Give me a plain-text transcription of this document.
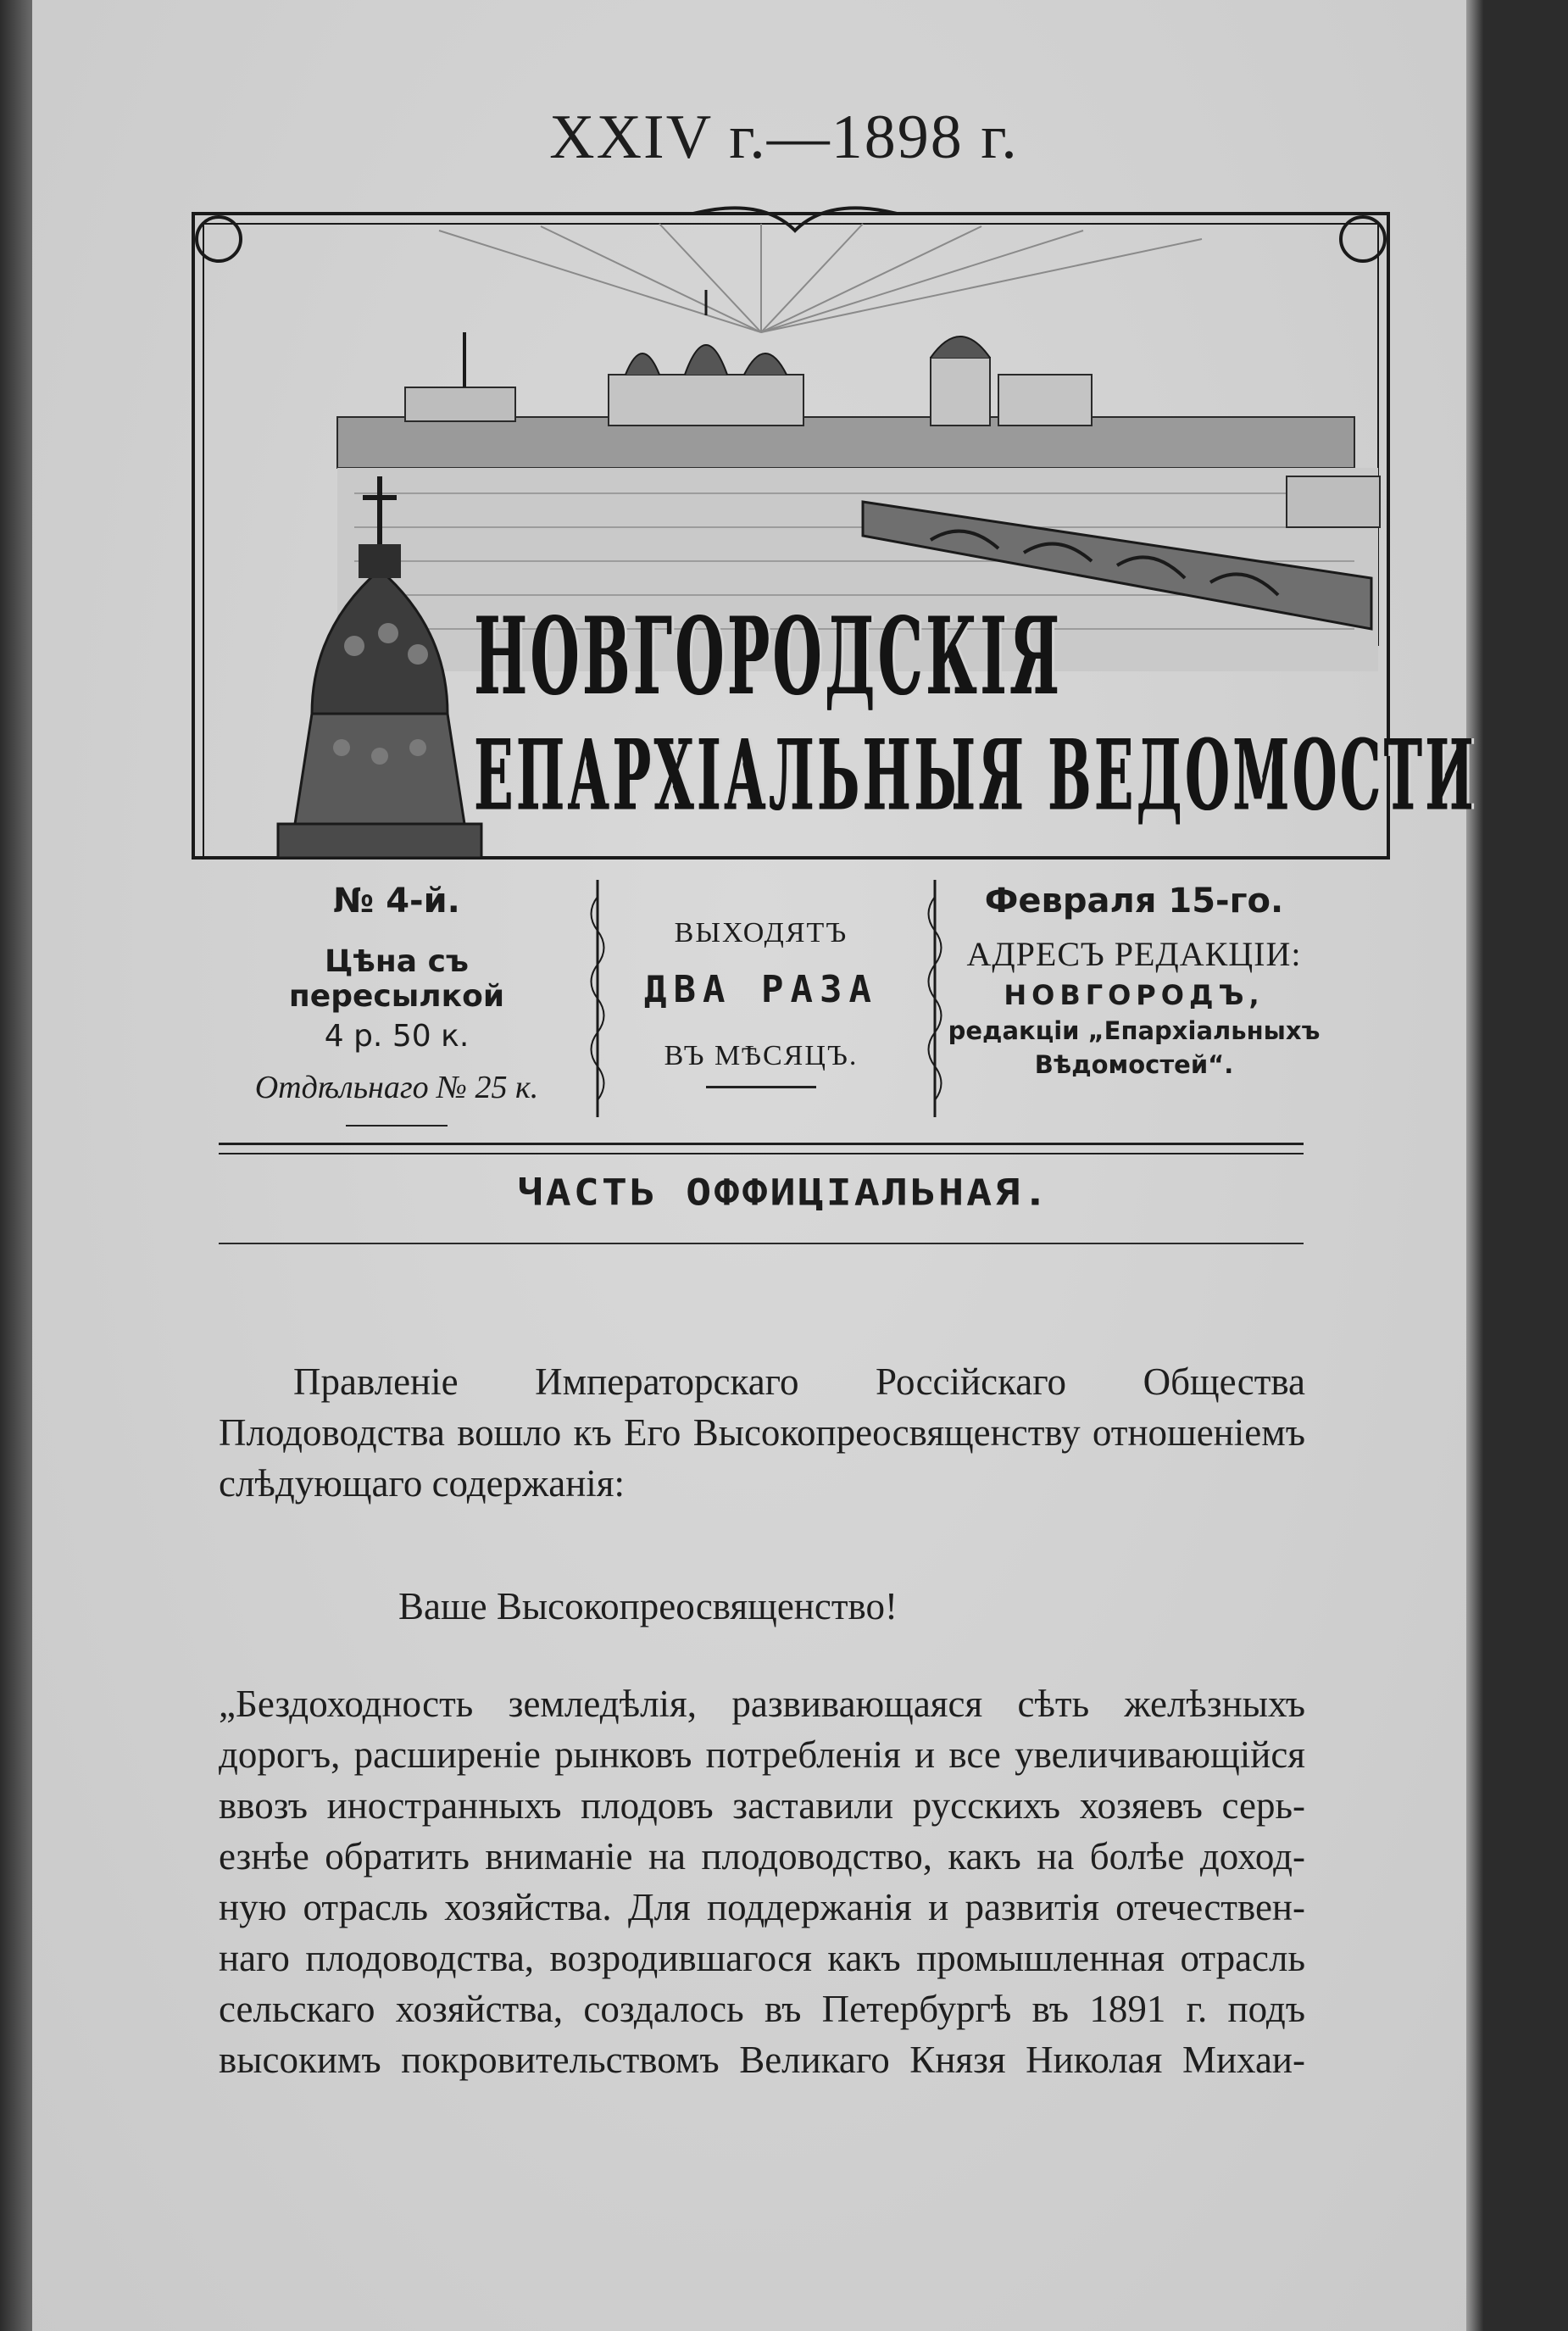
XXIV г.—1898 г.
НОВГОРОДСКІЯ
ЕПАРХІАЛЬНЫЯ ВЕДОМОСТИ
№ 4-й.
Цѣна съ пересылкой
4 р. 50 к.
Отдѣльнаго № 25 к.
ВЫХОДЯТЪ
ДВА РАЗА
ВЪ МѢСЯЦЪ.
Февраля 15-го.
АДРЕСЪ РЕДАКЦІИ:
НОВГОРОДЪ,
редакціи „Епархіальныхъ
Вѣдомостей“.
ЧАСТЬ ОФФИЦІАЛЬНАЯ.
Правленіе Императорскаго Россійскаго Общества Плодоводства вошло къ Его Высокопреосвященству отношеніемъ слѣдующаго содержанія:
Ваше Высокопреосвященство!
„Бездоходность земледѣлія, развивающаяся сѣть желѣзныхъ
дорогъ, расширеніе рынковъ потребленія и все увеличивающійся
ввозъ иностранныхъ плодовъ заставили русскихъ хозяевъ серь-
езнѣе обратить вниманіе на плодоводство, какъ на болѣе доход-
ную отрасль хозяйства. Для поддержанія и развитія отечествен-
наго плодоводства, возродившагося какъ промышленная отрасль
сельскаго хозяйства, создалось въ Петербургѣ въ 1891 г. подъ
высокимъ покровительствомъ Великаго Князя Николая Михаи-
